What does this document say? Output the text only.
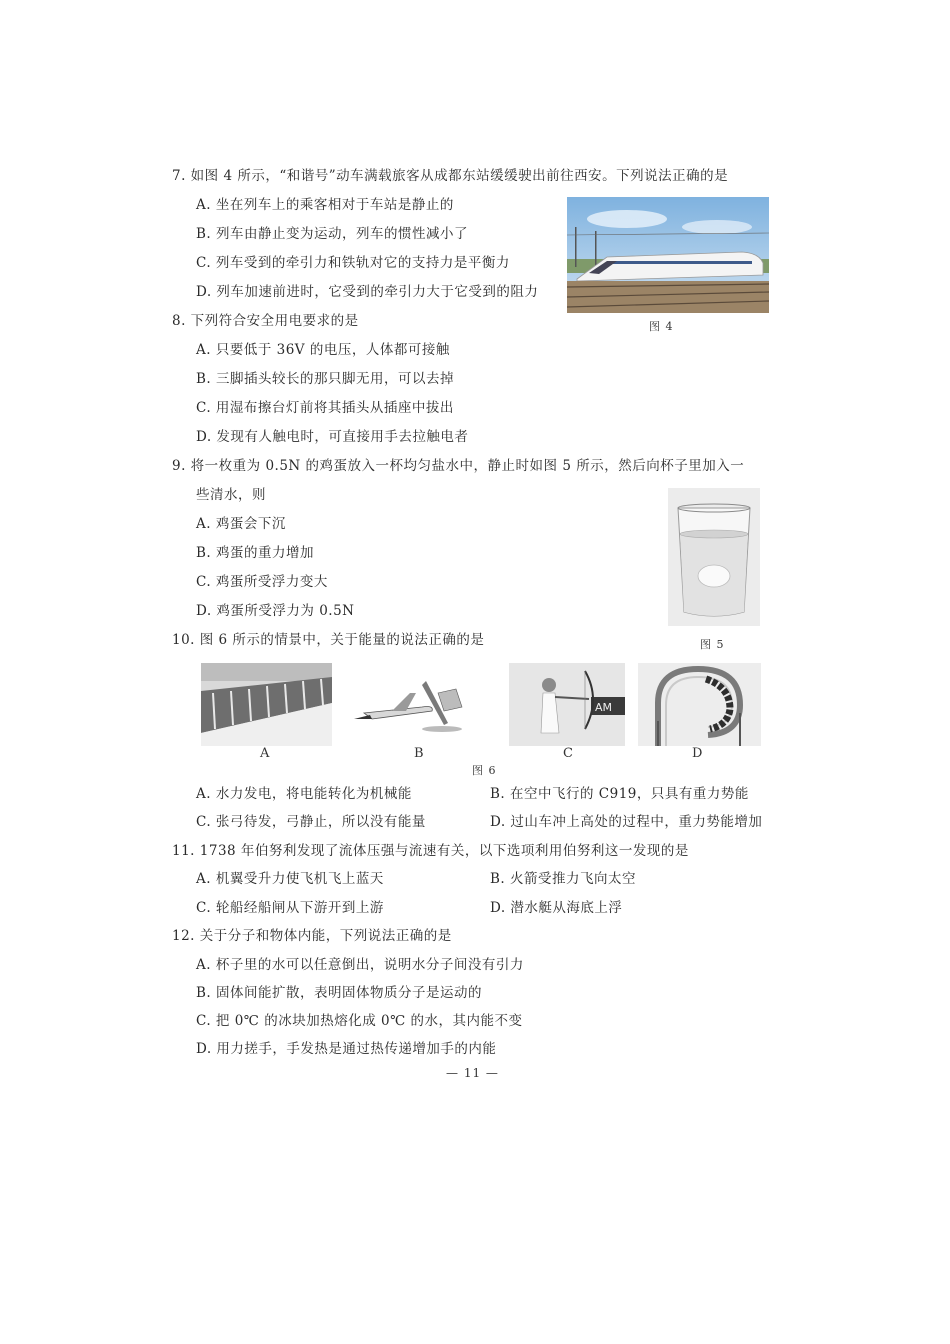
7. 如图 4 所示，“和谐号”动车满载旅客从成都东站缓缓驶出前往西安。下列说法正确的是
A. 坐在列车上的乘客相对于车站是静止的
B. 列车由静止变为运动，列车的惯性减小了
C. 列车受到的牵引力和铁轨对它的支持力是平衡力
D. 列车加速前进时，它受到的牵引力大于它受到的阻力
图 4
8. 下列符合安全用电要求的是
A. 只要低于 36V 的电压，人体都可接触
B. 三脚插头较长的那只脚无用，可以去掉
C. 用湿布擦台灯前将其插头从插座中拔出
D. 发现有人触电时，可直接用手去拉触电者
9. 将一枚重为 0.5N 的鸡蛋放入一杯均匀盐水中，静止时如图 5 所示，然后向杯子里加入一
些清水，则
A. 鸡蛋会下沉
B. 鸡蛋的重力增加
C. 鸡蛋所受浮力变大
D. 鸡蛋所受浮力为 0.5N
图 5
10. 图 6 所示的情景中，关于能量的说法正确的是
AM
A	B	C	D
图 6
A. 水力发电，将电能转化为机械能	B. 在空中飞行的 C919，只具有重力势能
C. 张弓待发，弓静止，所以没有能量	D. 过山车冲上高处的过程中，重力势能增加
11. 1738 年伯努利发现了流体压强与流速有关，以下选项利用伯努利这一发现的是
A. 机翼受升力使飞机飞上蓝天	B. 火箭受推力飞向太空
C. 轮船经船闸从下游开到上游	D. 潜水艇从海底上浮
12. 关于分子和物体内能，下列说法正确的是
A. 杯子里的水可以任意倒出，说明水分子间没有引力
B. 固体间能扩散，表明固体物质分子是运动的
C. 把 0℃ 的冰块加热熔化成 0℃ 的水，其内能不变
D. 用力搓手，手发热是通过热传递增加手的内能
— 11 —
